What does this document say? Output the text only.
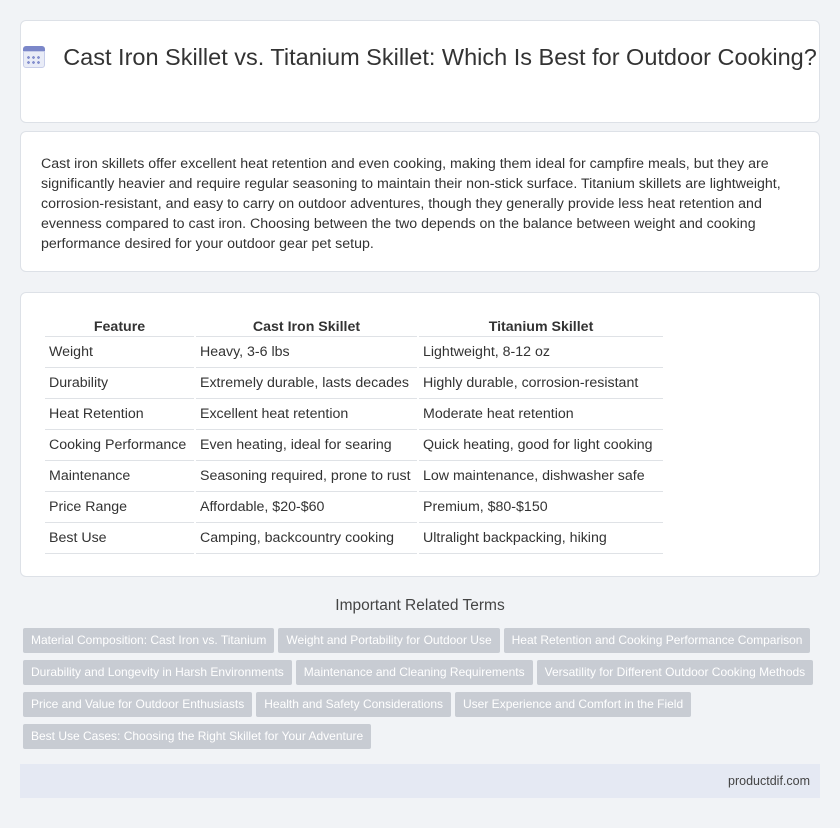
Cast Iron Skillet vs. Titanium Skillet: Which Is Best for Outdoor Cooking?

Cast iron skillets offer excellent heat retention and even cooking, making them ideal for campfire meals, but they are significantly heavier and require regular seasoning to maintain their non-stick surface. Titanium skillets are lightweight, corrosion-resistant, and easy to carry on outdoor adventures, though they generally provide less heat retention and evenness compared to cast iron. Choosing between the two depends on the balance between weight and cooking performance desired for your outdoor gear pet setup.

Feature	Cast Iron Skillet	Titanium Skillet
Weight	Heavy, 3-6 lbs	Lightweight, 8-12 oz
Durability	Extremely durable, lasts decades	Highly durable, corrosion-resistant
Heat Retention	Excellent heat retention	Moderate heat retention
Cooking Performance	Even heating, ideal for searing	Quick heating, good for light cooking
Maintenance	Seasoning required, prone to rust	Low maintenance, dishwasher safe
Price Range	Affordable, $20-$60	Premium, $80-$150
Best Use	Camping, backcountry cooking	Ultralight backpacking, hiking
Important Related Terms
Material Composition: Cast Iron vs. Titanium Weight and Portability for Outdoor Use Heat Retention and Cooking Performance Comparison
Durability and Longevity in Harsh Environments Maintenance and Cleaning Requirements Versatility for Different Outdoor Cooking Methods
Price and Value for Outdoor Enthusiasts Health and Safety Considerations User Experience and Comfort in the Field
Best Use Cases: Choosing the Right Skillet for Your Adventure
productdif.com
